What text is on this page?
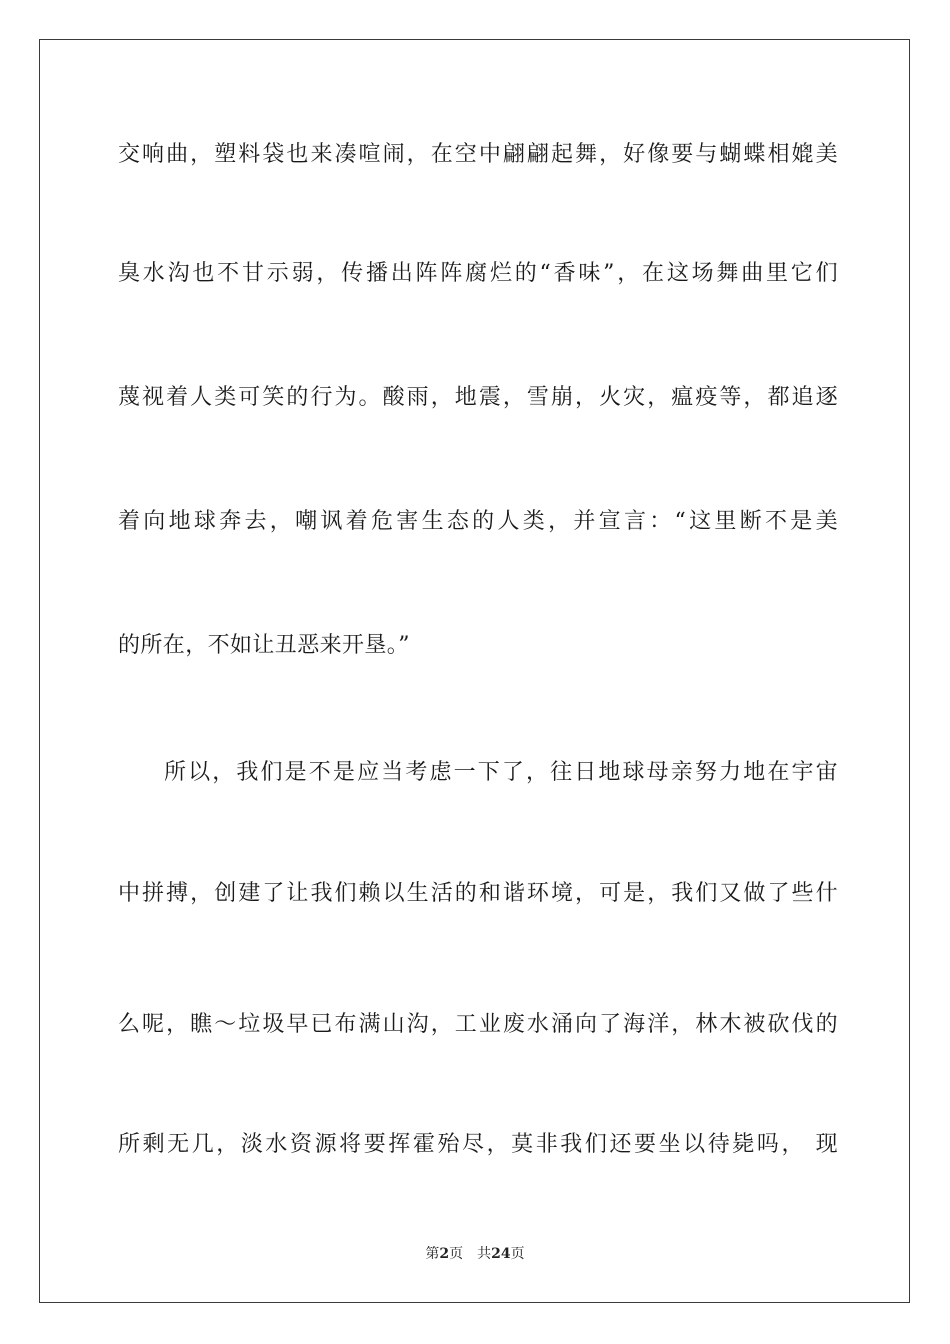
交响曲，塑料袋也来凑喧闹，在空中翩翩起舞，好像要与蝴蝶相媲美
臭水沟也不甘示弱，传播出阵阵腐烂的“香味”，在这场舞曲里它们
蔑视着人类可笑的行为。酸雨，地震，雪崩，火灾，瘟疫等，都追逐
着向地球奔去，嘲讽着危害生态的人类，并宣言：“这里断不是美
的所在，不如让丑恶来开垦。”
所以，我们是不是应当考虑一下了，往日地球母亲努力地在宇宙
中拼搏，创建了让我们赖以生活的和谐环境，可是，我们又做了些什
么呢，瞧～垃圾早已布满山沟，工业废水涌向了海洋，林木被砍伐的
所剩无几，淡水资源将要挥霍殆尽，莫非我们还要坐以待毙吗， 现
第2页 共24页
